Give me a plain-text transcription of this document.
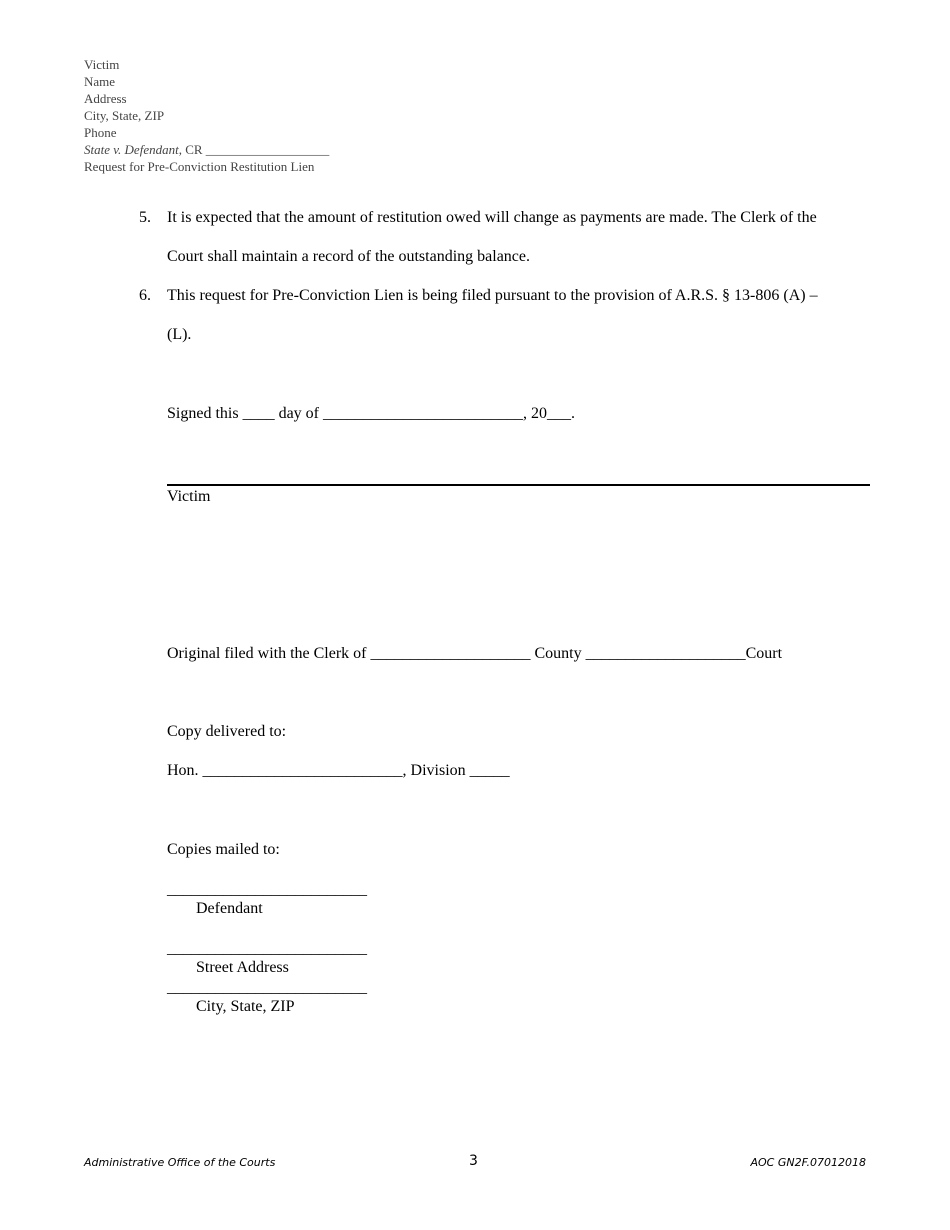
Victim
Name
Address
City, State, ZIP
Phone
State v. Defendant, CR ___________________
Request for Pre-Conviction Restitution Lien
5. It is expected that the amount of restitution owed will change as payments are made. The Clerk of the
Court shall maintain a record of the outstanding balance.
6. This request for Pre-Conviction Lien is being filed pursuant to the provision of A.R.S. § 13-806 (A) –
(L).
Signed this ____ day of _________________________, 20___.
Victim
Original filed with the Clerk of ____________________ County ____________________Court
Copy delivered to:
Hon. _________________________, Division _____
Copies mailed to:
_________________________
Defendant
_________________________
Street Address
_________________________
City, State, ZIP
Administrative Office of the Courts	3	AOC GN2F.07012018
